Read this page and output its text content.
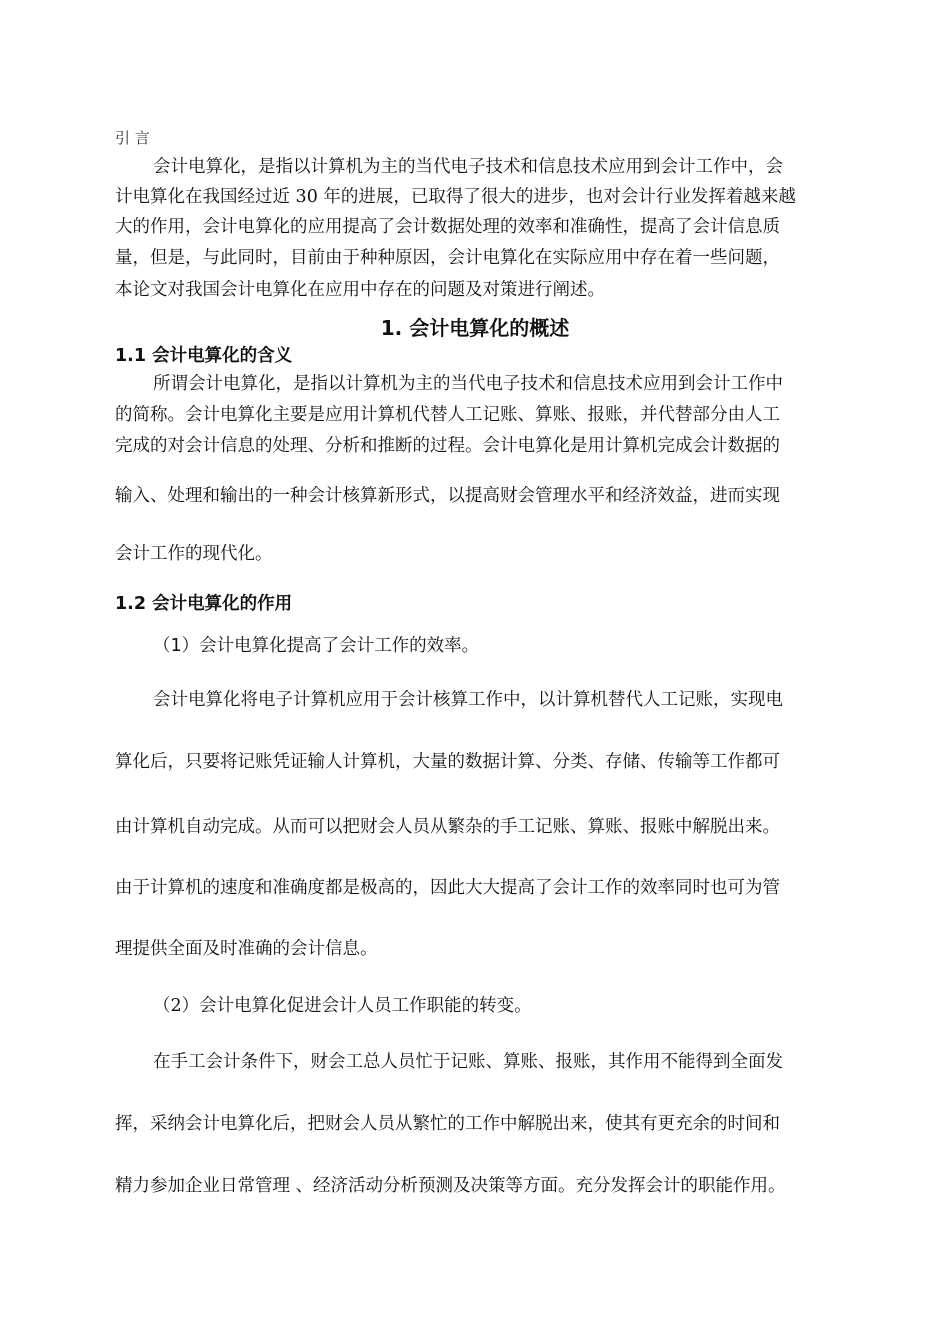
引 言
会计电算化，是指以计算机为主的当代电子技术和信息技术应用到会计工作中，会
计电算化在我国经过近 30 年的进展，已取得了很大的进步，也对会计行业发挥着越来越
大的作用，会计电算化的应用提高了会计数据处理的效率和准确性，提高了会计信息质
量，但是，与此同时，目前由于种种原因，会计电算化在实际应用中存在着一些问题，
本论文对我国会计电算化在应用中存在的问题及对策进行阐述。
1. 会计电算化的概述
1.1 会计电算化的含义
所谓会计电算化，是指以计算机为主的当代电子技术和信息技术应用到会计工作中
的简称。会计电算化主要是应用计算机代替人工记账、算账、报账，并代替部分由人工
完成的对会计信息的处理、分析和推断的过程。会计电算化是用计算机完成会计数据的
输入、处理和输出的一种会计核算新形式，以提高财会管理水平和经济效益，进而实现
会计工作的现代化。
1.2 会计电算化的作用
（1）会计电算化提高了会计工作的效率。
会计电算化将电子计算机应用于会计核算工作中，以计算机替代人工记账，实现电
算化后，只要将记账凭证输人计算机，大量的数据计算、分类、存储、传输等工作都可
由计算机自动完成。从而可以把财会人员从繁杂的手工记账、算账、报账中解脱出来。
由于计算机的速度和准确度都是极高的，因此大大提高了会计工作的效率同时也可为管
理提供全面及时准确的会计信息。
（2）会计电算化促进会计人员工作职能的转变。
在手工会计条件下，财会工总人员忙于记账、算账、报账，其作用不能得到全面发
挥，采纳会计电算化后，把财会人员从繁忙的工作中解脱出来，使其有更充余的时间和
精力参加企业日常管理 、经济活动分析预测及决策等方面。充分发挥会计的职能作用。
